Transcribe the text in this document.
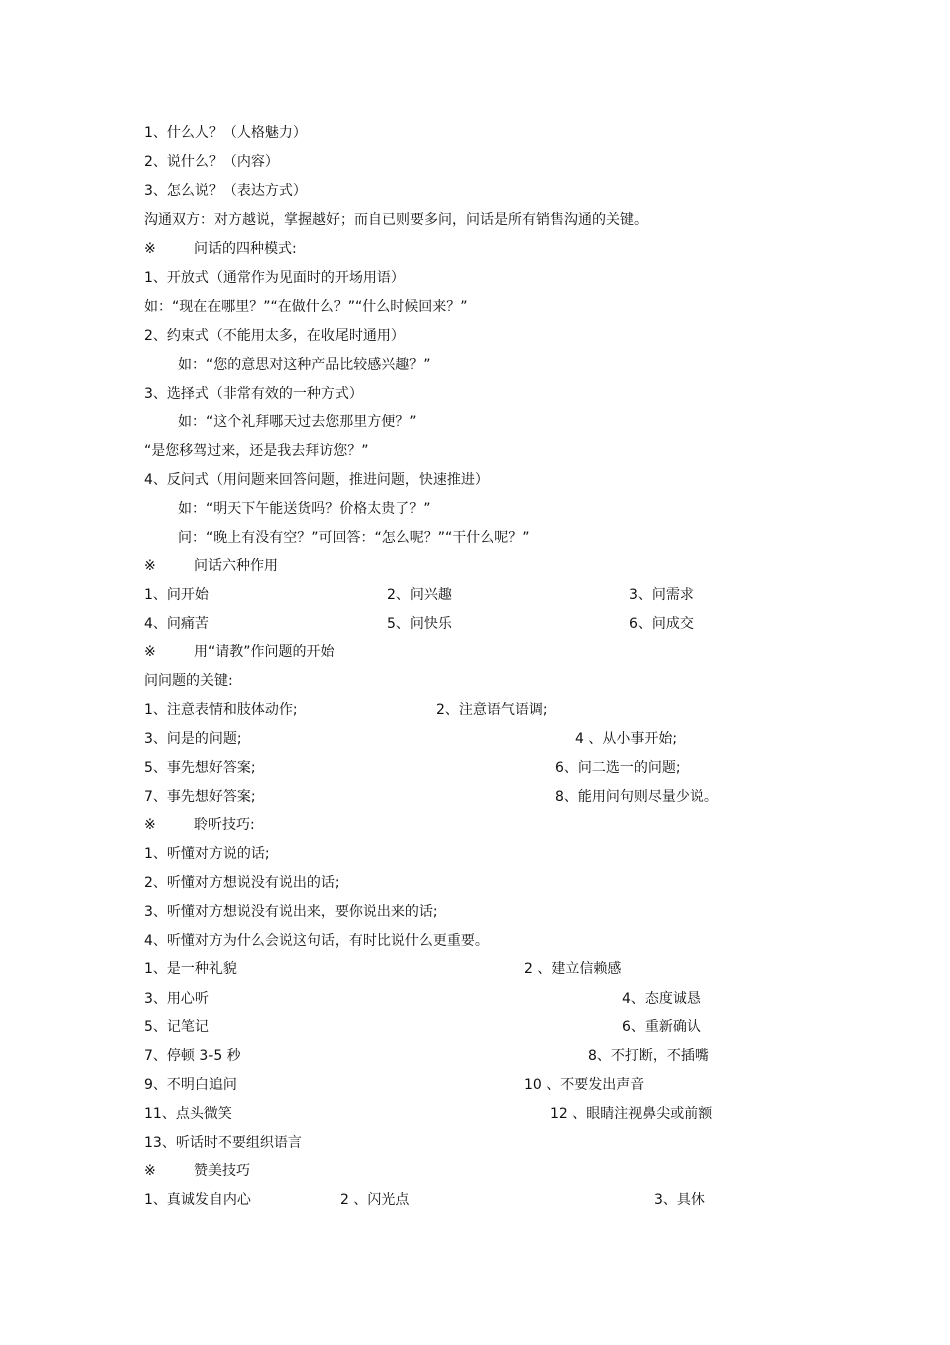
1、什么人？（人格魅力）
2、说什么？（内容）
3、怎么说？（表达方式）
沟通双方：对方越说，掌握越好；而自已则要多问，问话是所有销售沟通的关键。
※	问话的四种模式:
1、开放式（通常作为见面时的开场用语）
如：“现在在哪里？”“在做什么？”“什么时候回来？”
2、约束式（不能用太多，在收尾时通用）
如：“您的意思对这种产品比较感兴趣？”
3、选择式（非常有效的一种方式）
如：“这个礼拜哪天过去您那里方便？”
“是您移驾过来，还是我去拜访您？”
4、反问式（用问题来回答问题，推进问题，快速推进）
如：“明天下午能送货吗？价格太贵了？”
问：“晚上有没有空？”可回答：“怎么呢？”“干什么呢？”
※	问话六种作用
1、问开始	2、问兴趣	3、问需求
4、问痛苦	5、问快乐	6、问成交
※	用“请教”作问题的开始
问问题的关键:
1、注意表情和肢体动作;	2、注意语气语调;
3、问是的问题;	4 、从小事开始;
5、事先想好答案;	6、问二选一的问题;
7、事先想好答案;	8、能用问句则尽量少说。
※	聆听技巧:
1、听懂对方说的话;
2、听懂对方想说没有说出的话;
3、听懂对方想说没有说出来，要你说出来的话;
4、听懂对方为什么会说这句话，有时比说什么更重要。
1、是一种礼貌	2 、建立信赖感
3、用心听	4、态度诚恳
5、记笔记	6、重新确认
7、停顿 3-5 秒	8、不打断，不插嘴
9、不明白追问	10 、不要发出声音
11、点头微笑	12 、眼睛注视鼻尖或前额
13、听话时不要组织语言
※	赞美技巧
1、真诚发自内心	2 、闪光点	3、具休
